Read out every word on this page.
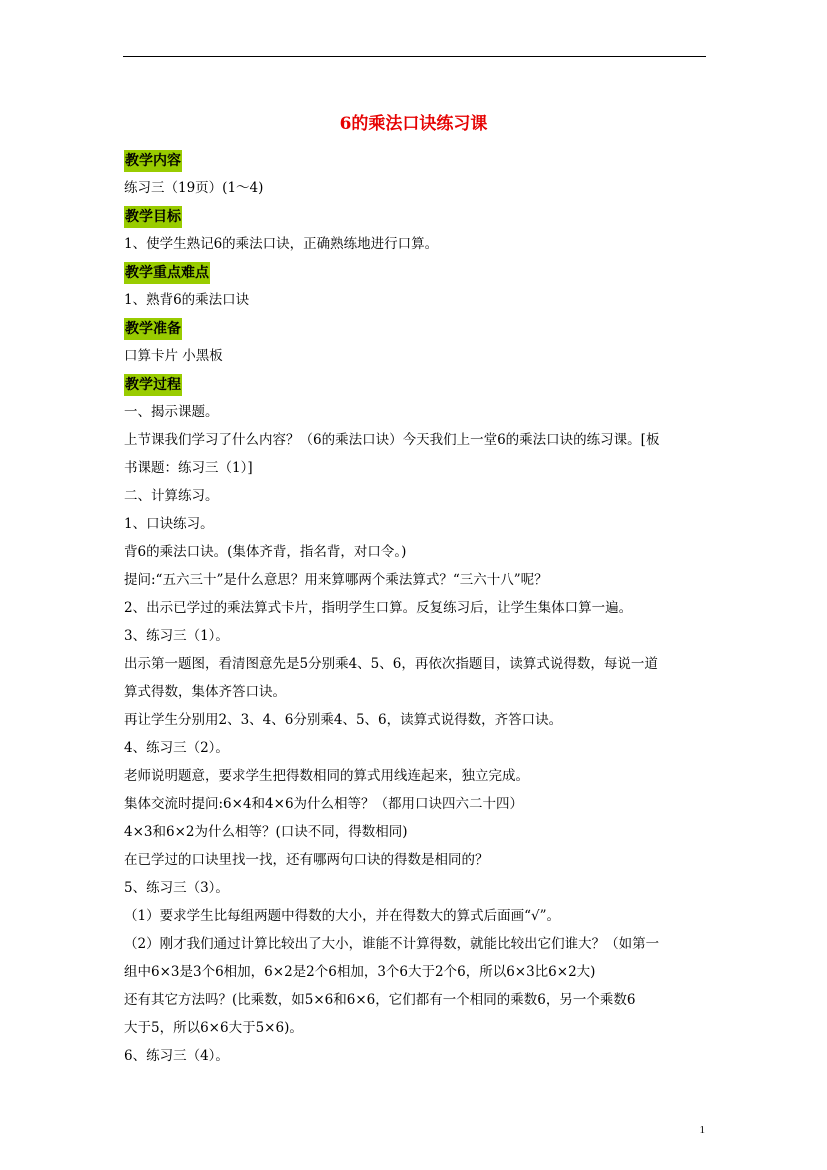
6的乘法口诀练习课
教学内容
练习三（19页）(1～4)
教学目标
1、使学生熟记6的乘法口诀，正确熟练地进行口算。
教学重点难点
1、熟背6的乘法口诀
教学准备
口算卡片 小黑板
教学过程
一、揭示课题。
上节课我们学习了什么内容？（6的乘法口诀）今天我们上一堂6的乘法口诀的练习课。[板
书课题：练习三（1）]
二、计算练习。
1、口诀练习。
背6的乘法口诀。(集体齐背，指名背，对口令。)
提问:“五六三十”是什么意思？用来算哪两个乘法算式？“三六十八”呢？
2、出示已学过的乘法算式卡片，指明学生口算。反复练习后，让学生集体口算一遍。
3、练习三（1）。
出示第一题图，看清图意先是5分别乘4、5、6，再依次指题目，读算式说得数，每说一道
算式得数，集体齐答口诀。
再让学生分别用2、3、4、6分别乘4、5、6，读算式说得数，齐答口诀。
4、练习三（2）。
老师说明题意，要求学生把得数相同的算式用线连起来，独立完成。
集体交流时提问:6×4和4×6为什么相等？（都用口诀四六二十四）
4×3和6×2为什么相等？(口诀不同，得数相同)
在已学过的口诀里找一找，还有哪两句口诀的得数是相同的？
5、练习三（3）。
（1）要求学生比每组两题中得数的大小，并在得数大的算式后面画“√”。
（2）刚才我们通过计算比较出了大小，谁能不计算得数，就能比较出它们谁大？（如第一
组中6×3是3个6相加，6×2是2个6相加，3个6大于2个6，所以6×3比6×2大)
还有其它方法吗？(比乘数，如5×6和6×6，它们都有一个相同的乘数6，另一个乘数6
大于5，所以6×6大于5×6)。
6、练习三（4）。
1
